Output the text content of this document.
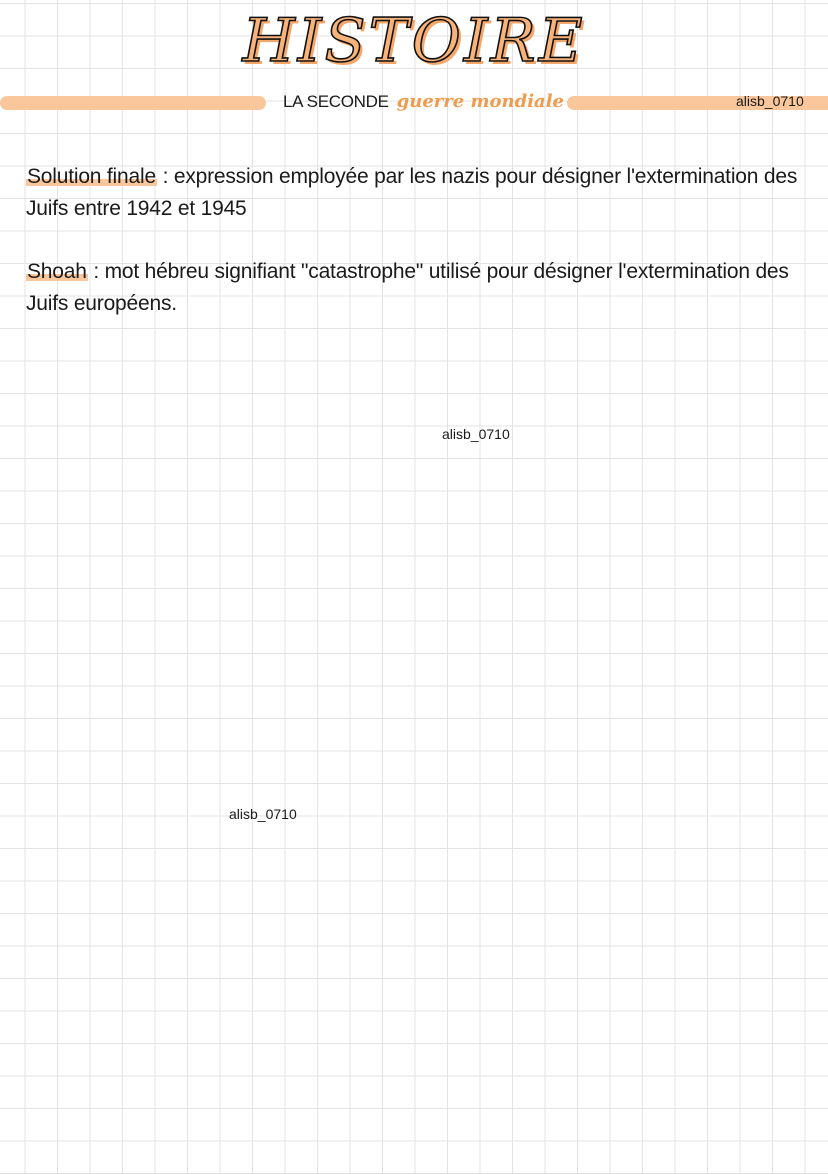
HISTOIRE
LA SECONDE guerre mondiale	alisb_0710
Solution finale : expression employée par les nazis pour désigner l'extermination des Juifs entre 1942 et 1945
Shoah : mot hébreu signifiant "catastrophe" utilisé pour désigner l'extermination des Juifs européens.
alisb_0710
alisb_0710
